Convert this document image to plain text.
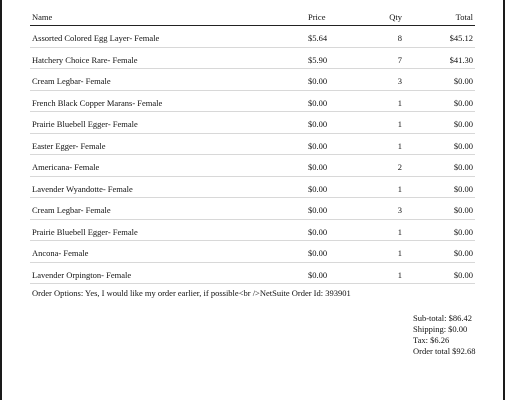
Name	Price	Qty	Total
Assorted Colored Egg Layer- Female	$5.64	8	$45.12
Hatchery Choice Rare- Female	$5.90	7	$41.30
Cream Legbar- Female	$0.00	3	$0.00
French Black Copper Marans- Female	$0.00	1	$0.00
Prairie Bluebell Egger- Female	$0.00	1	$0.00
Easter Egger- Female	$0.00	1	$0.00
Americana- Female	$0.00	2	$0.00
Lavender Wyandotte- Female	$0.00	1	$0.00
Cream Legbar- Female	$0.00	3	$0.00
Prairie Bluebell Egger- Female	$0.00	1	$0.00
Ancona- Female	$0.00	1	$0.00
Lavender Orpington- Female	$0.00	1	$0.00
Order Options: Yes, I would like my order earlier, if possible<br />NetSuite Order Id: 393901
Sub-total: $86.42
Shipping: $0.00
Tax: $6.26
Order total $92.68
